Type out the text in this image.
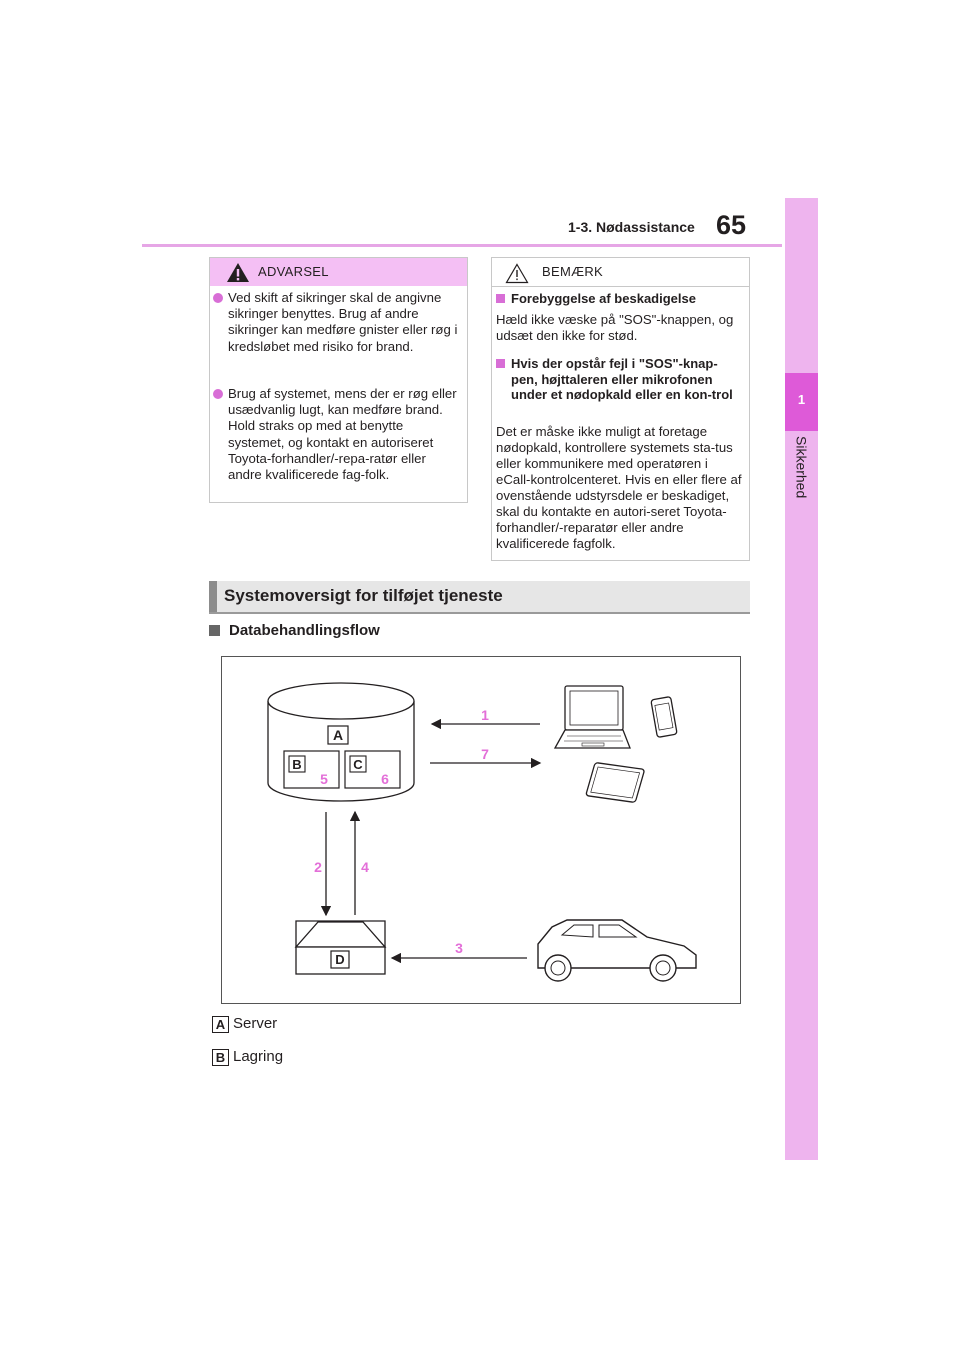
1-3. Nødassistance 65
1
Sikkerhed
ADVARSEL
Ved skift af sikringer skal de angivne sikringer benyttes. Brug af andre sikringer kan medføre gnister eller røg i kredsløbet med risiko for brand.
Brug af systemet, mens der er røg eller usædvanlig lugt, kan medføre brand. Hold straks op med at benytte systemet, og kontakt en autoriseret Toyota-forhandler/-repa-ratør eller andre kvalificerede fag-folk.
BEMÆRK
Forebyggelse af beskadigelse
Hæld ikke væske på "SOS"-knappen, og udsæt den ikke for stød.
Hvis der opstår fejl i "SOS"-knap-pen, højttaleren eller mikrofonen under et nødopkald eller en kon-trol
Det er måske ikke muligt at foretage nødopkald, kontrollere systemets sta-tus eller kommunikere med operatøren i eCall-kontrolcenteret. Hvis en eller flere af ovenstående udstyrsdele er beskadiget, skal du kontakte en autori-seret Toyota-forhandler/-reparatør eller andre kvalificerede fagfolk.
Systemoversigt for tilføjet tjeneste
Databehandlingsflow
A
B	C
5	6
1
7
2	4
D
3
A Server
B Lagring
